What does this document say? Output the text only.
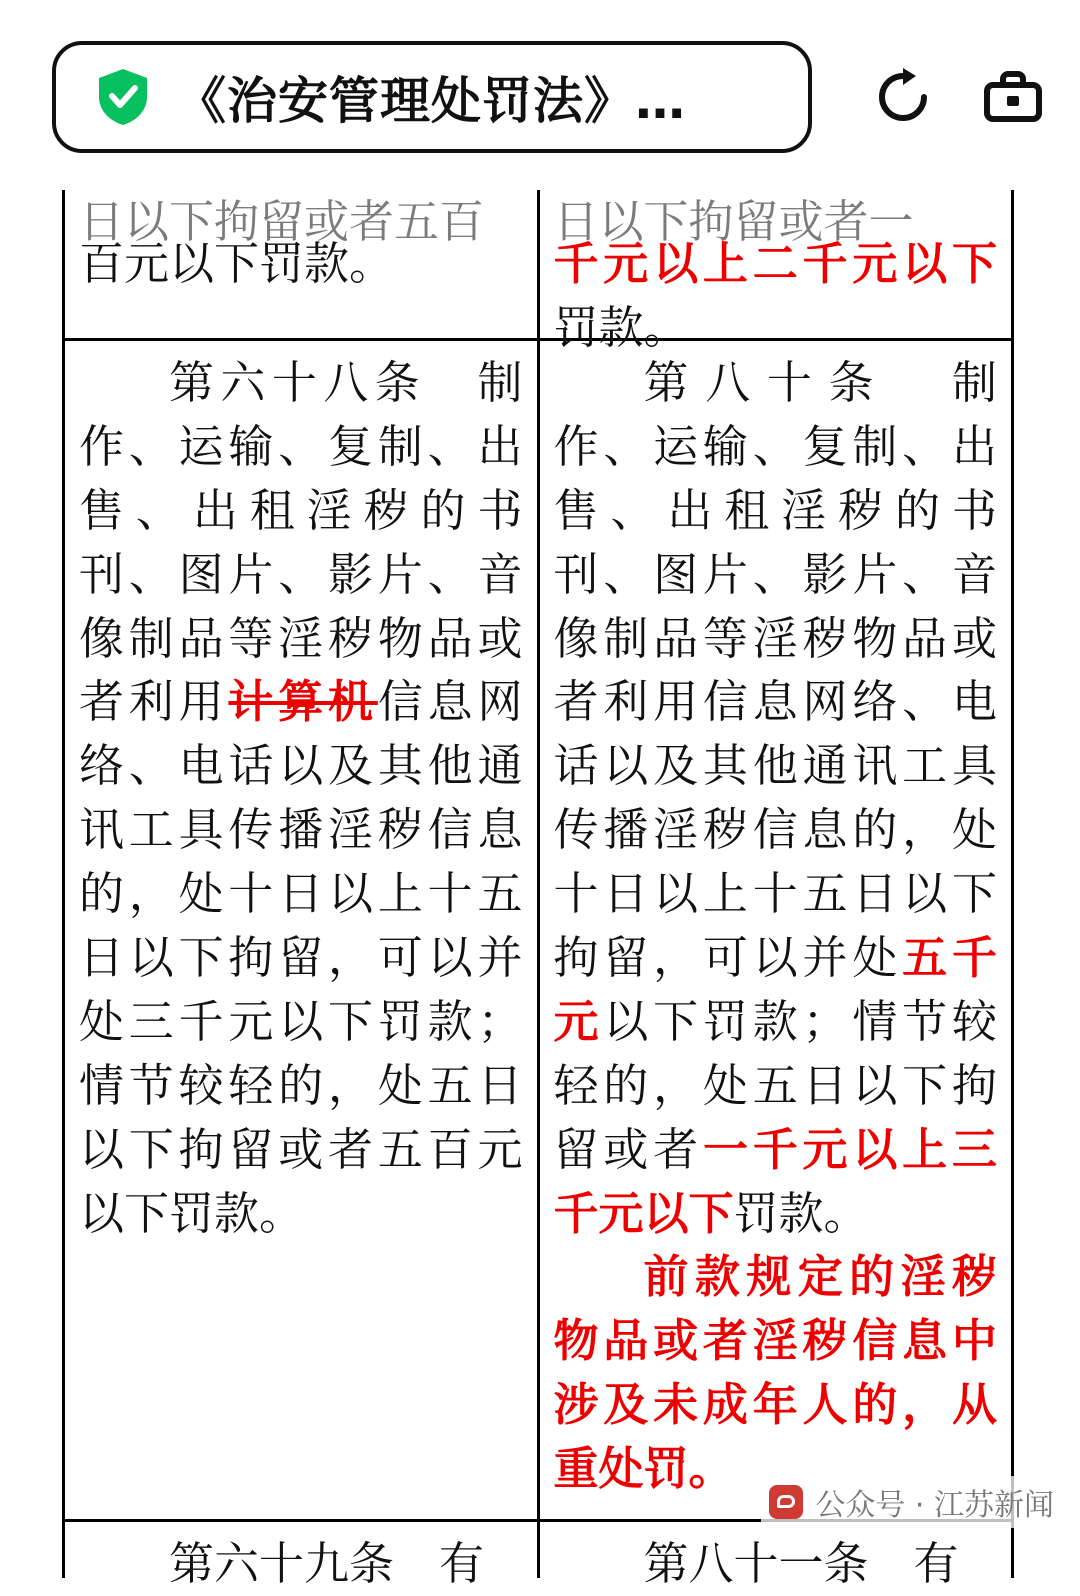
《治安管理处罚法》…
日以下拘留或者五百
百元以下罚款。
日以下拘留或者一
千元以上二千元以下罚款。
第六十八条　制作、运输、复制、出售、出租淫秽的书刊、图片、影片、音像制品等淫秽物品或者利用计算机信息网络、电话以及其他通讯工具传播淫秽信息的，处十日以上十五日以下拘留，可以并处三千元以下罚款；情节较轻的，处五日以下拘留或者五百元以下罚款。
第八十条　制作、运输、复制、出售、出租淫秽的书刊、图片、影片、音像制品等淫秽物品或者利用信息网络、电话以及其他通讯工具传播淫秽信息的，处十日以上十五日以下拘留，可以并处五千元以下罚款；情节较轻的，处五日以下拘留或者一千元以上三千元以下罚款。
前款规定的淫秽物品或者淫秽信息中涉及未成年人的，从重处罚。
第六十九条　有	第八十一条　有
公众号 · 江苏新闻
